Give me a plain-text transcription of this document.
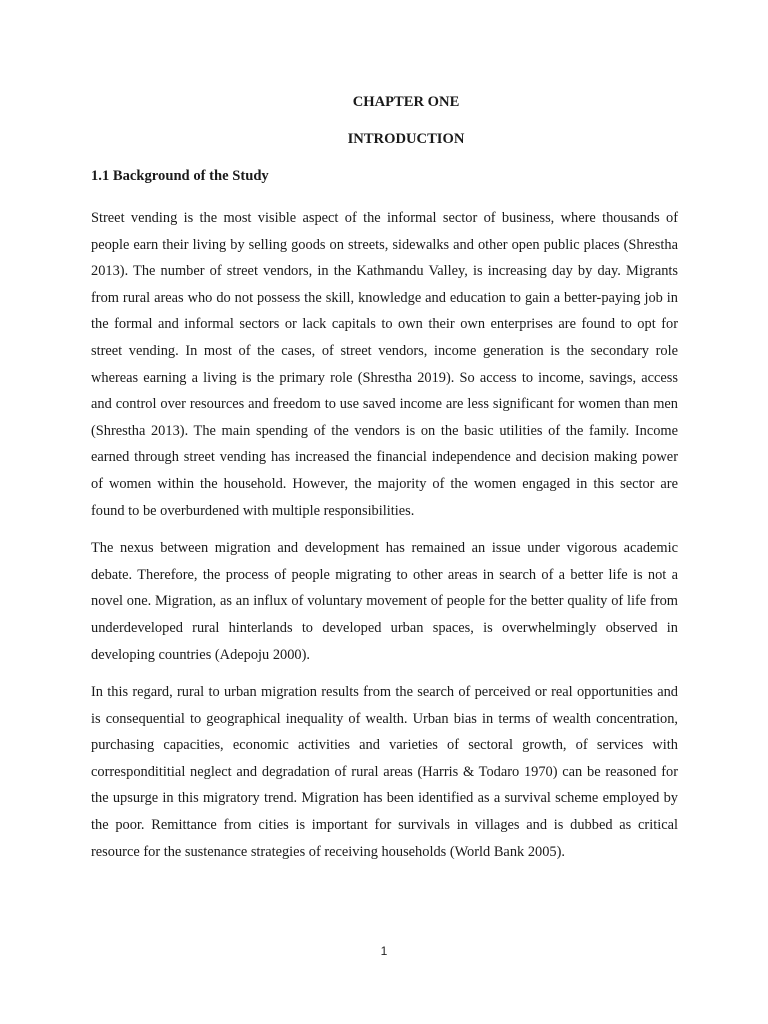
CHAPTER ONE
INTRODUCTION
1.1 Background of the Study

Street vending is the most visible aspect of the informal sector of business, where thousands of people earn their living by selling goods on streets, sidewalks and other open public places (Shrestha 2013). The number of street vendors, in the Kathmandu Valley, is increasing day by day. Migrants from rural areas who do not possess the skill, knowledge and education to gain a better-paying job in the formal and informal sectors or lack capitals to own their own enterprises are found to opt for street vending. In most of the cases, of street vendors, income generation is the secondary role whereas earning a living is the primary role (Shrestha 2019). So access to income, savings, access and control over resources and freedom to use saved income are less significant for women than men (Shrestha 2013). The main spending of the vendors is on the basic utilities of the family. Income earned through street vending has increased the financial independence and decision making power of women within the household. However, the majority of the women engaged in this sector are found to be overburdened with multiple responsibilities.

The nexus between migration and development has remained an issue under vigorous academic debate. Therefore, the process of people migrating to other areas in search of a better life is not a novel one. Migration, as an influx of voluntary movement of people for the better quality of life from underdeveloped rural hinterlands to developed urban spaces, is overwhelmingly observed in developing countries (Adepoju 2000).

In this regard, rural to urban migration results from the search of perceived or real opportunities and is consequential to geographical inequality of wealth. Urban bias in terms of wealth concentration, purchasing capacities, economic activities and varieties of sectoral growth, of services with correspondititial neglect and degradation of rural areas (Harris & Todaro 1970) can be reasoned for the upsurge in this migratory trend. Migration has been identified as a survival scheme employed by the poor. Remittance from cities is important for survivals in villages and is dubbed as critical resource for the sustenance strategies of receiving households (World Bank 2005).

1
